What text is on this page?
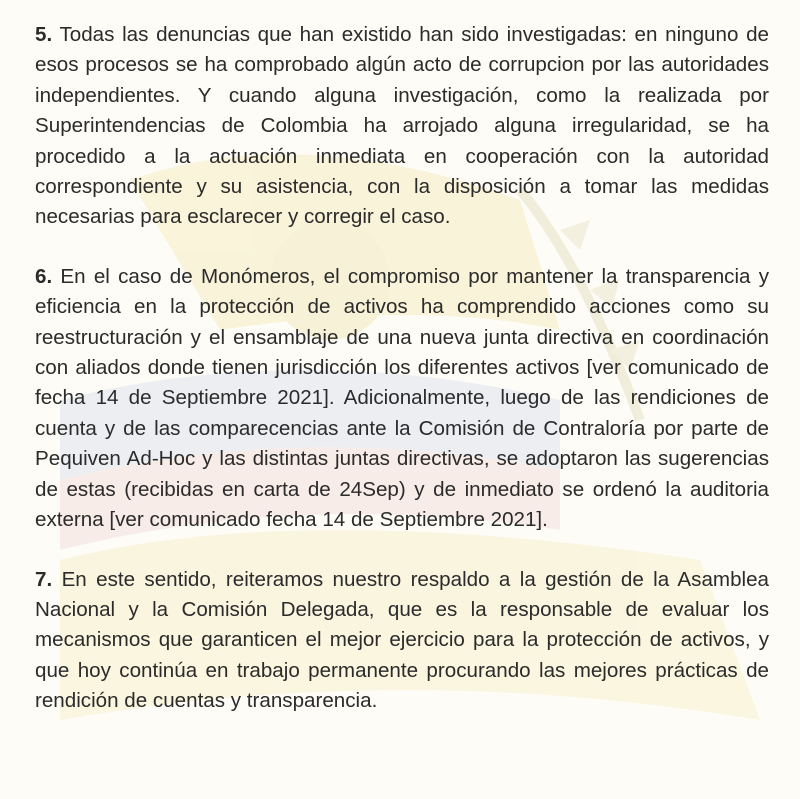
5. Todas las denuncias que han existido han sido investigadas: en ninguno de esos procesos se ha comprobado algún acto de corrupcion por las autoridades independientes. Y cuando alguna investigación, como la realizada por Superintendencias de Colombia ha arrojado alguna irregularidad, se ha procedido a la actuación inmediata en cooperación con la autoridad correspondiente y su asistencia, con la disposición a tomar las medidas necesarias para esclarecer y corregir el caso.

6. En el caso de Monómeros, el compromiso por mantener la transparencia y eficiencia en la protección de activos ha comprendido acciones como su reestructuración y el ensamblaje de una nueva junta directiva en coordinación con aliados donde tienen jurisdicción los diferentes activos [ver comunicado de fecha 14 de Septiembre 2021]. Adicionalmente, luego de las rendiciones de cuenta y de las comparecencias ante la Comisión de Contraloría por parte de Pequiven Ad-Hoc y las distintas juntas directivas, se adoptaron las sugerencias de estas (recibidas en carta de 24Sep) y de inmediato se ordenó la auditoria externa [ver comunicado fecha 14 de Septiembre 2021].

7. En este sentido, reiteramos nuestro respaldo a la gestión de la Asamblea Nacional y la Comisión Delegada, que es la responsable de evaluar los mecanismos que garanticen el mejor ejercicio para la protección de activos, y que hoy continúa en trabajo permanente procurando las mejores prácticas de rendición de cuentas y transparencia.
